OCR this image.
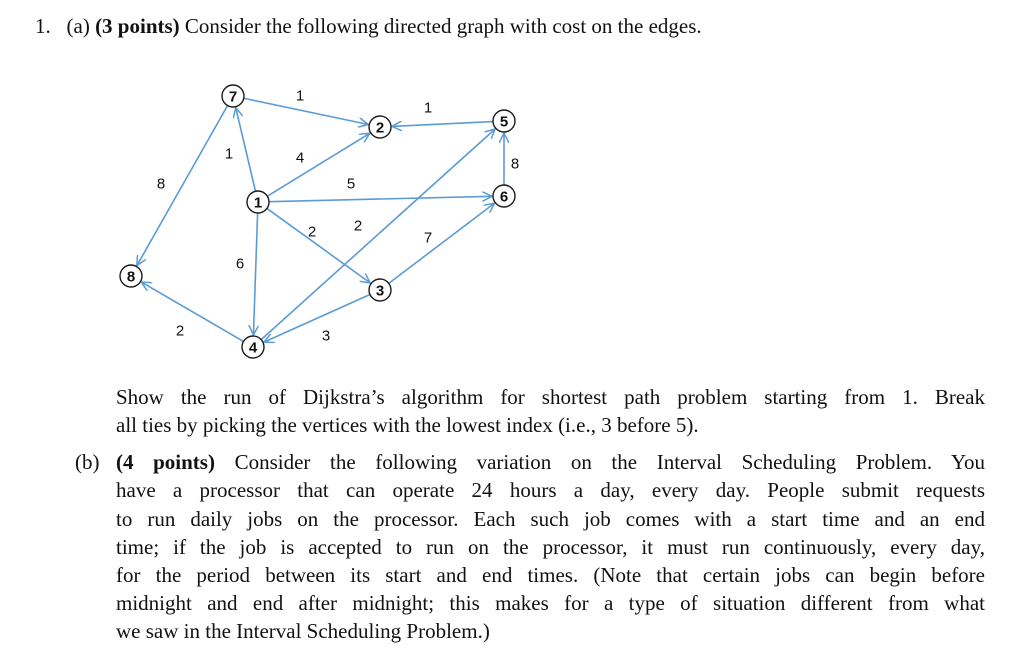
1. (a) (3 points) Consider the following directed graph with cost on the edges.
1
1
1	4
5
8
8
2	2
7
6
2	3
1
2
3
4
5
6
7
8
Show the run of Dijkstra’s algorithm for shortest path problem starting from 1. Break
all ties by picking the vertices with the lowest index (i.e., 3 before 5).
(b) (4 points) Consider the following variation on the Interval Scheduling Problem. You
have a processor that can operate 24 hours a day, every day. People submit requests
to run daily jobs on the processor. Each such job comes with a start time and an end
time; if the job is accepted to run on the processor, it must run continuously, every day,
for the period between its start and end times. (Note that certain jobs can begin before
midnight and end after midnight; this makes for a type of situation different from what
we saw in the Interval Scheduling Problem.)
